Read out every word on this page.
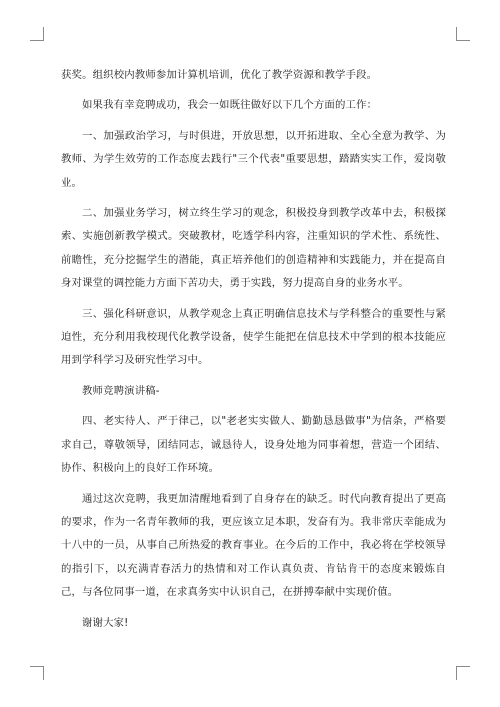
获奖。组织校内教师参加计算机培训，优化了教学资源和教学手段。

如果我有幸竞聘成功，我会一如既往做好以下几个方面的工作：

一、加强政治学习，与时俱进，开放思想，以开拓进取、全心全意为教学、为教师、为学生效劳的工作态度去践行"三个代表"重要思想，踏踏实实工作，爱岗敬业。

二、加强业务学习，树立终生学习的观念，积极投身到教学改革中去，积极探索、实施创新教学模式。突破教材，吃透学科内容，注重知识的学术性、系统性、前瞻性，充分挖掘学生的潜能，真正培养他们的创造精神和实践能力，并在提高自身对课堂的调控能力方面下苦功夫，勇于实践，努力提高自身的业务水平。

三、强化科研意识，从教学观念上真正明确信息技术与学科整合的重要性与紧迫性，充分利用我校现代化教学设备，使学生能把在信息技术中学到的根本技能应用到学科学习及研究性学习中。

教师竞聘演讲稿-

四、老实待人、严于律己，以"老老实实做人、勤勤恳恳做事"为信条，严格要求自己，尊敬领导，团结同志，诚恳待人，设身处地为同事着想，营造一个团结、协作、积极向上的良好工作环境。

通过这次竞聘，我更加清醒地看到了自身存在的缺乏。时代向教育提出了更高的要求，作为一名青年教师的我，更应该立足本职，发奋有为。我非常庆幸能成为十八中的一员，从事自己所热爱的教育事业。在今后的工作中，我必将在学校领导的指引下，以充满青春活力的热情和对工作认真负责、肯钻肯干的态度来锻炼自己，与各位同事一道，在求真务实中认识自己，在拼搏奉献中实现价值。

谢谢大家!
